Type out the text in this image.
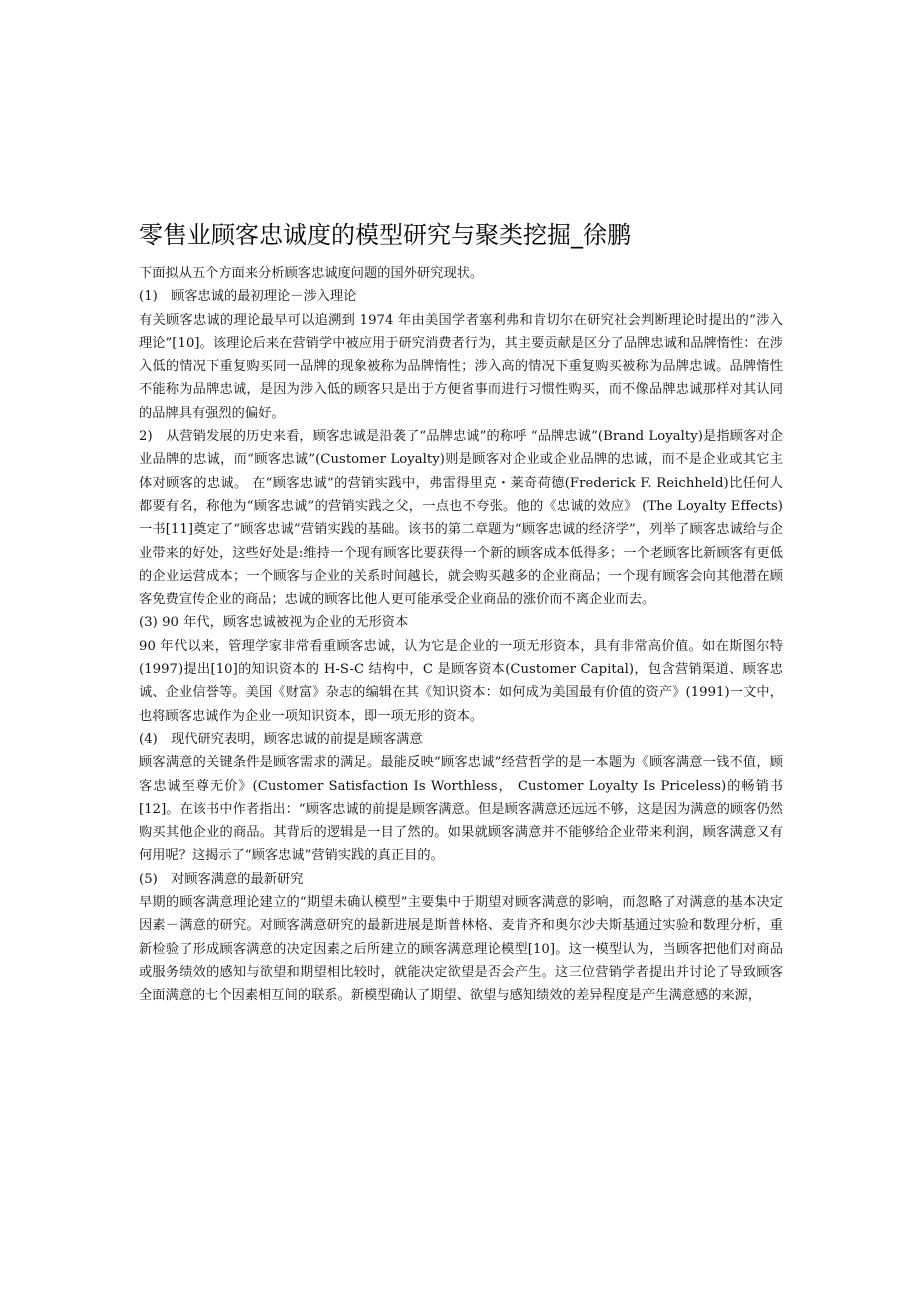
零售业顾客忠诚度的模型研究与聚类挖掘_徐鹏

下面拟从五个方面来分析顾客忠诚度问题的国外研究现状。

(1)　顾客忠诚的最初理论－涉入理论

有关顾客忠诚的理论最早可以追溯到 1974 年由美国学者塞利弗和肯切尔在研究社会判断理论时提出的“涉入理论”[10]。该理论后来在营销学中被应用于研究消费者行为，其主要贡献是区分了品牌忠诚和品牌惰性：在涉入低的情况下重复购买同一品牌的现象被称为品牌惰性；涉入高的情况下重复购买被称为品牌忠诚。品牌惰性不能称为品牌忠诚，是因为涉入低的顾客只是出于方便省事而进行习惯性购买，而不像品牌忠诚那样对其认同的品牌具有强烈的偏好。

2)　从营销发展的历史来看，顾客忠诚是沿袭了“品牌忠诚”的称呼 “品牌忠诚”(Brand Loyalty)是指顾客对企业品牌的忠诚，而“顾客忠诚”(Customer Loyalty)则是顾客对企业或企业品牌的忠诚，而不是企业或其它主体对顾客的忠诚。 在“顾客忠诚”的营销实践中，弗雷得里克・莱奇荷德(Frederick F. Reichheld)比任何人都要有名，称他为“顾客忠诚”的营销实践之父，一点也不夸张。他的《忠诚的效应》 (The Loyalty Effects)一书[11]奠定了“顾客忠诚”营销实践的基础。该书的第二章题为“顾客忠诚的经济学”，列举了顾客忠诚给与企业带来的好处，这些好处是:维持一个现有顾客比要获得一个新的顾客成本低得多；一个老顾客比新顾客有更低的企业运营成本；一个顾客与企业的关系时间越长，就会购买越多的企业商品；一个现有顾客会向其他潜在顾客免费宣传企业的商品；忠诚的顾客比他人更可能承受企业商品的涨价而不离企业而去。

(3) 90 年代，顾客忠诚被视为企业的无形资本

90 年代以来，管理学家非常看重顾客忠诚，认为它是企业的一项无形资本，具有非常高价值。如在斯图尔特(1997)提出[10]的知识资本的 H-S-C 结构中，C 是顾客资本(Customer Capital)，包含营销渠道、顾客忠诚、企业信誉等。美国《财富》杂志的编辑在其《知识资本：如何成为美国最有价值的资产》(1991)一文中，也将顾客忠诚作为企业一项知识资本，即一项无形的资本。

(4)　现代研究表明，顾客忠诚的前提是顾客满意

顾客满意的关键条件是顾客需求的满足。最能反映“顾客忠诚”经营哲学的是一本题为《顾客满意一钱不值，顾客忠诚至尊无价》(Customer Satisfaction Is Worthless， Customer Loyalty Is Priceless)的畅销书[12]。在该书中作者指出：“顾客忠诚的前提是顾客满意。但是顾客满意还远远不够，这是因为满意的顾客仍然购买其他企业的商品。其背后的逻辑是一目了然的。如果就顾客满意并不能够给企业带来利润，顾客满意又有何用呢？这揭示了“顾客忠诚”营销实践的真正目的。

(5)　对顾客满意的最新研究

早期的顾客满意理论建立的“期望未确认模型”主要集中于期望对顾客满意的影响，而忽略了对满意的基本决定因素－满意的研究。对顾客满意研究的最新进展是斯普林格、麦肯齐和奥尔沙夫斯基通过实验和数理分析，重新检验了形成顾客满意的决定因素之后所建立的顾客满意理论模型[10]。这一模型认为，当顾客把他们对商品或服务绩效的感知与欲望和期望相比较时，就能决定欲望是否会产生。这三位营销学者提出并讨论了导致顾客全面满意的七个因素相互间的联系。新模型确认了期望、欲望与感知绩效的差异程度是产生满意感的来源，
